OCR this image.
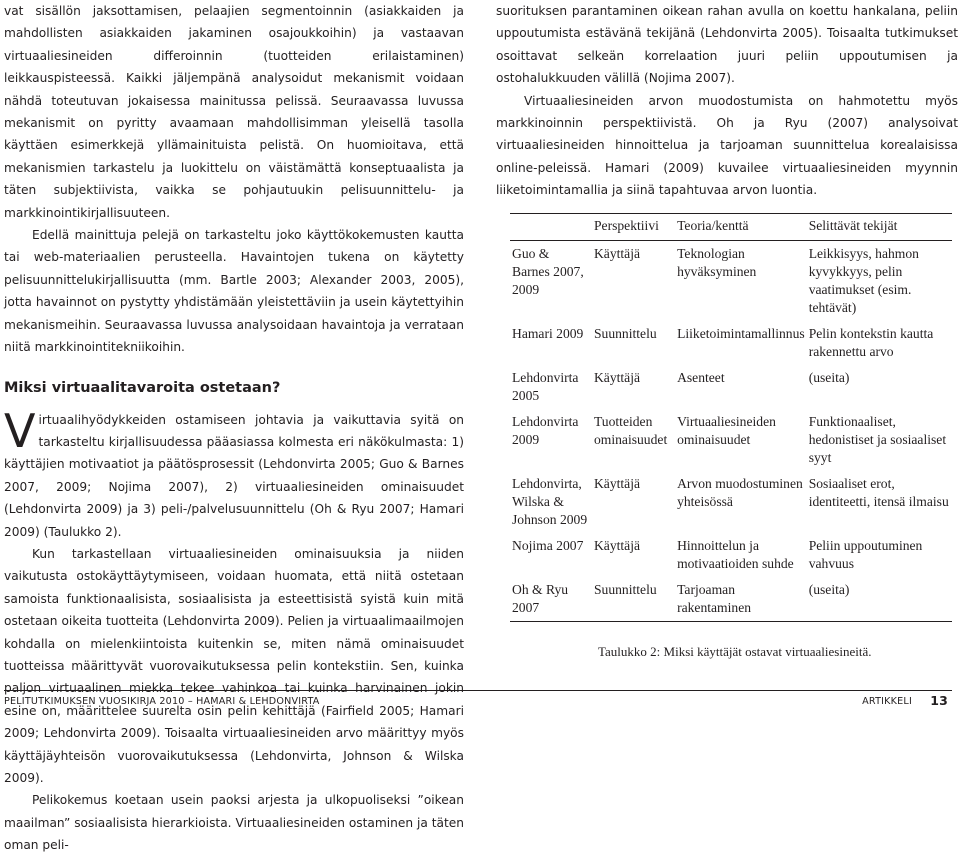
vat sisällön jaksottamisen, pelaajien segmentoinnin (asiakkaiden ja mahdollisten asiakkaiden jakaminen osajoukkoihin) ja vastaavan virtuaaliesineiden differoinnin (tuotteiden erilaistaminen) leikkauspisteessä. Kaikki jäljempänä analysoidut mekanismit voidaan nähdä toteutuvan jokaisessa mainitussa pelissä. Seuraavassa luvussa mekanismit on pyritty avaamaan mahdollisimman yleisellä tasolla käyttäen esimerkkejä yllämainituista pelistä. On huomioitava, että mekanismien tarkastelu ja luokittelu on väistämättä konseptuaalista ja täten subjektiivista, vaikka se pohjautuukin pelisuunnittelu- ja markkinointikirjallisuuteen.

Edellä mainittuja pelejä on tarkasteltu joko käyttökokemusten kautta tai web-materiaalien perusteella. Havaintojen tukena on käytetty pelisuunnittelukirjallisuutta (mm. Bartle 2003; Alexander 2003, 2005), jotta havainnot on pystytty yhdistämään yleistettäviin ja usein käytettyihin mekanismeihin. Seuraavassa luvussa analysoidaan havaintoja ja verrataan niitä markkinointitekniikoihin.

Miksi virtuaalitavaroita ostetaan?

Virtuaalihyödykkeiden ostamiseen johtavia ja vaikuttavia syitä on tarkasteltu kirjallisuudessa pääasiassa kolmesta eri näkökulmasta: 1) käyttäjien motivaatiot ja päätösprosessit (Lehdonvirta 2005; Guo & Barnes 2007, 2009; Nojima 2007), 2) virtuaaliesineiden ominaisuudet (Lehdonvirta 2009) ja 3) peli-/palvelusuunnittelu (Oh & Ryu 2007; Hamari 2009) (Taulukko 2).

Kun tarkastellaan virtuaaliesineiden ominaisuuksia ja niiden vaikutusta ostokäyttäytymiseen, voidaan huomata, että niitä ostetaan samoista funktionaalisista, sosiaalisista ja esteettisistä syistä kuin mitä ostetaan oikeita tuotteita (Lehdonvirta 2009). Pelien ja virtuaalimaailmojen kohdalla on mielenkiintoista kuitenkin se, miten nämä ominaisuudet tuotteissa määrittyvät vuorovaikutuksessa pelin kontekstiin. Sen, kuinka paljon virtuaalinen miekka tekee vahinkoa tai kuinka harvinainen jokin esine on, määrittelee suurelta osin pelin kehittäjä (Fairfield 2005; Hamari 2009; Lehdonvirta 2009). Toisaalta virtuaaliesineiden arvo määrittyy myös käyttäjäyhteisön vuorovaikutuksessa (Lehdonvirta, Johnson & Wilska 2009).

Pelikokemus koetaan usein paoksi arjesta ja ulkopuoliseksi ”oikean maailman” sosiaalisista hierarkioista. Virtuaaliesineiden ostaminen ja täten oman peli-

suorituksen parantaminen oikean rahan avulla on koettu hankalana, peliin uppoutumista estävänä tekijänä (Lehdonvirta 2005). Toisaalta tutkimukset osoittavat selkeän korrelaation juuri peliin uppoutumisen ja ostohalukkuuden välillä (Nojima 2007).

Virtuaaliesineiden arvon muodostumista on hahmotettu myös markkinoinnin perspektiivistä. Oh ja Ryu (2007) analysoivat virtuaaliesineiden hinnoittelua ja tarjoaman suunnittelua korealaisissa online-peleissä. Hamari (2009) kuvailee virtuaaliesineiden myynnin liiketoimintamallia ja siinä tapahtuvaa arvon luontia.

	Perspektiivi	Teoria/kenttä	Selittävät tekijät
Guo & Barnes 2007, 2009	Käyttäjä	Teknologian hyväksyminen	Leikkisyys, hahmon kyvykkyys, pelin vaatimukset (esim. tehtävät)
Hamari 2009	Suunnittelu	Liiketoimintamallinnus	Pelin kontekstin kautta rakennettu arvo
Lehdonvirta 2005	Käyttäjä	Asenteet	(useita)
Lehdonvirta 2009	Tuotteiden ominaisuudet	Virtuaaliesineiden ominaisuudet	Funktionaaliset, hedonistiset ja sosiaaliset syyt
Lehdonvirta, Wilska & Johnson 2009	Käyttäjä	Arvon muodostuminen yhteisössä	Sosiaaliset erot, identiteetti, itensä ilmaisu
Nojima 2007	Käyttäjä	Hinnoittelun ja motivaatioiden suhde	Peliin uppoutuminen vahvuus
Oh & Ryu 2007	Suunnittelu	Tarjoaman rakentaminen	(useita)
Taulukko 2: Miksi käyttäjät ostavat virtuaaliesineitä.
PELITUTKIMUKSEN VUOSIKIRJA 2010 – HAMARI & LEHDONVIRTA	ARTIKKELI 13
